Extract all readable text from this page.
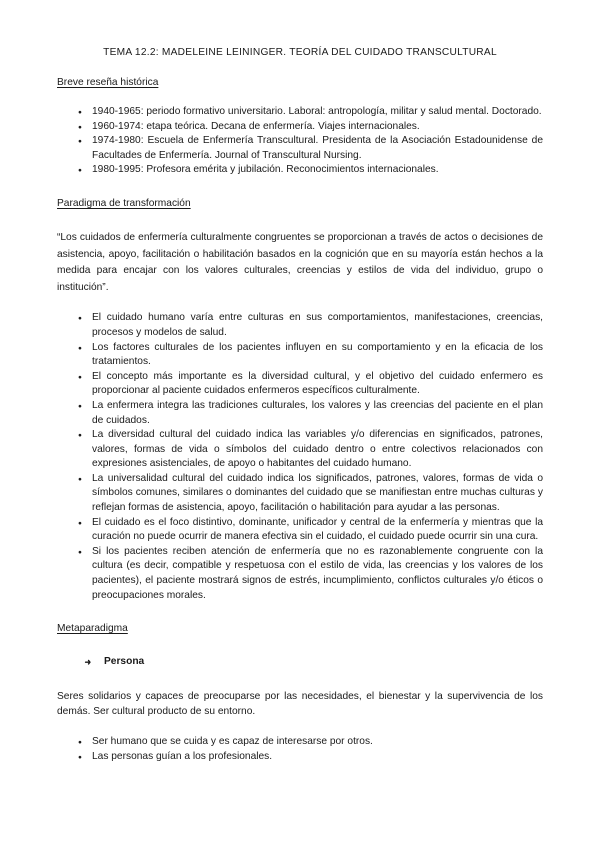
TEMA 12.2: MADELEINE LEININGER. TEORÍA DEL CUIDADO TRANSCULTURAL
Breve reseña histórica
● 1940-1965: periodo formativo universitario. Laboral: antropología, militar y salud mental. Doctorado.
● 1960-1974: etapa teórica. Decana de enfermería. Viajes internacionales.
● 1974-1980: Escuela de Enfermería Transcultural. Presidenta de la Asociación Estadounidense de Facultades de Enfermería. Journal of Transcultural Nursing.
● 1980-1995: Profesora emérita y jubilación. Reconocimientos internacionales.
Paradigma de transformación

“Los cuidados de enfermería culturalmente congruentes se proporcionan a través de actos o decisiones de asistencia, apoyo, facilitación o habilitación basados en la cognición que en su mayoría están hechos a la medida para encajar con los valores culturales, creencias y estilos de vida del individuo, grupo o institución”.

● El cuidado humano varía entre culturas en sus comportamientos, manifestaciones, creencias, procesos y modelos de salud.
● Los factores culturales de los pacientes influyen en su comportamiento y en la eficacia de los tratamientos.
● El concepto más importante es la diversidad cultural, y el objetivo del cuidado enfermero es proporcionar al paciente cuidados enfermeros específicos culturalmente.
● La enfermera integra las tradiciones culturales, los valores y las creencias del paciente en el plan de cuidados.
● La diversidad cultural del cuidado indica las variables y/o diferencias en significados, patrones, valores, formas de vida o símbolos del cuidado dentro o entre colectivos relacionados con expresiones asistenciales, de apoyo o habitantes del cuidado humano.
● La universalidad cultural del cuidado indica los significados, patrones, valores, formas de vida o símbolos comunes, similares o dominantes del cuidado que se manifiestan entre muchas culturas y reflejan formas de asistencia, apoyo, facilitación o habilitación para ayudar a las personas.
● El cuidado es el foco distintivo, dominante, unificador y central de la enfermería y mientras que la curación no puede ocurrir de manera efectiva sin el cuidado, el cuidado puede ocurrir sin una cura.
● Si los pacientes reciben atención de enfermería que no es razonablemente congruente con la cultura (es decir, compatible y respetuosa con el estilo de vida, las creencias y los valores de los pacientes), el paciente mostrará signos de estrés, incumplimiento, conflictos culturales y/o éticos o preocupaciones morales.
Metaparadigma
➜ Persona

Seres solidarios y capaces de preocuparse por las necesidades, el bienestar y la supervivencia de los demás. Ser cultural producto de su entorno.

● Ser humano que se cuida y es capaz de interesarse por otros.
● Las personas guían a los profesionales.
